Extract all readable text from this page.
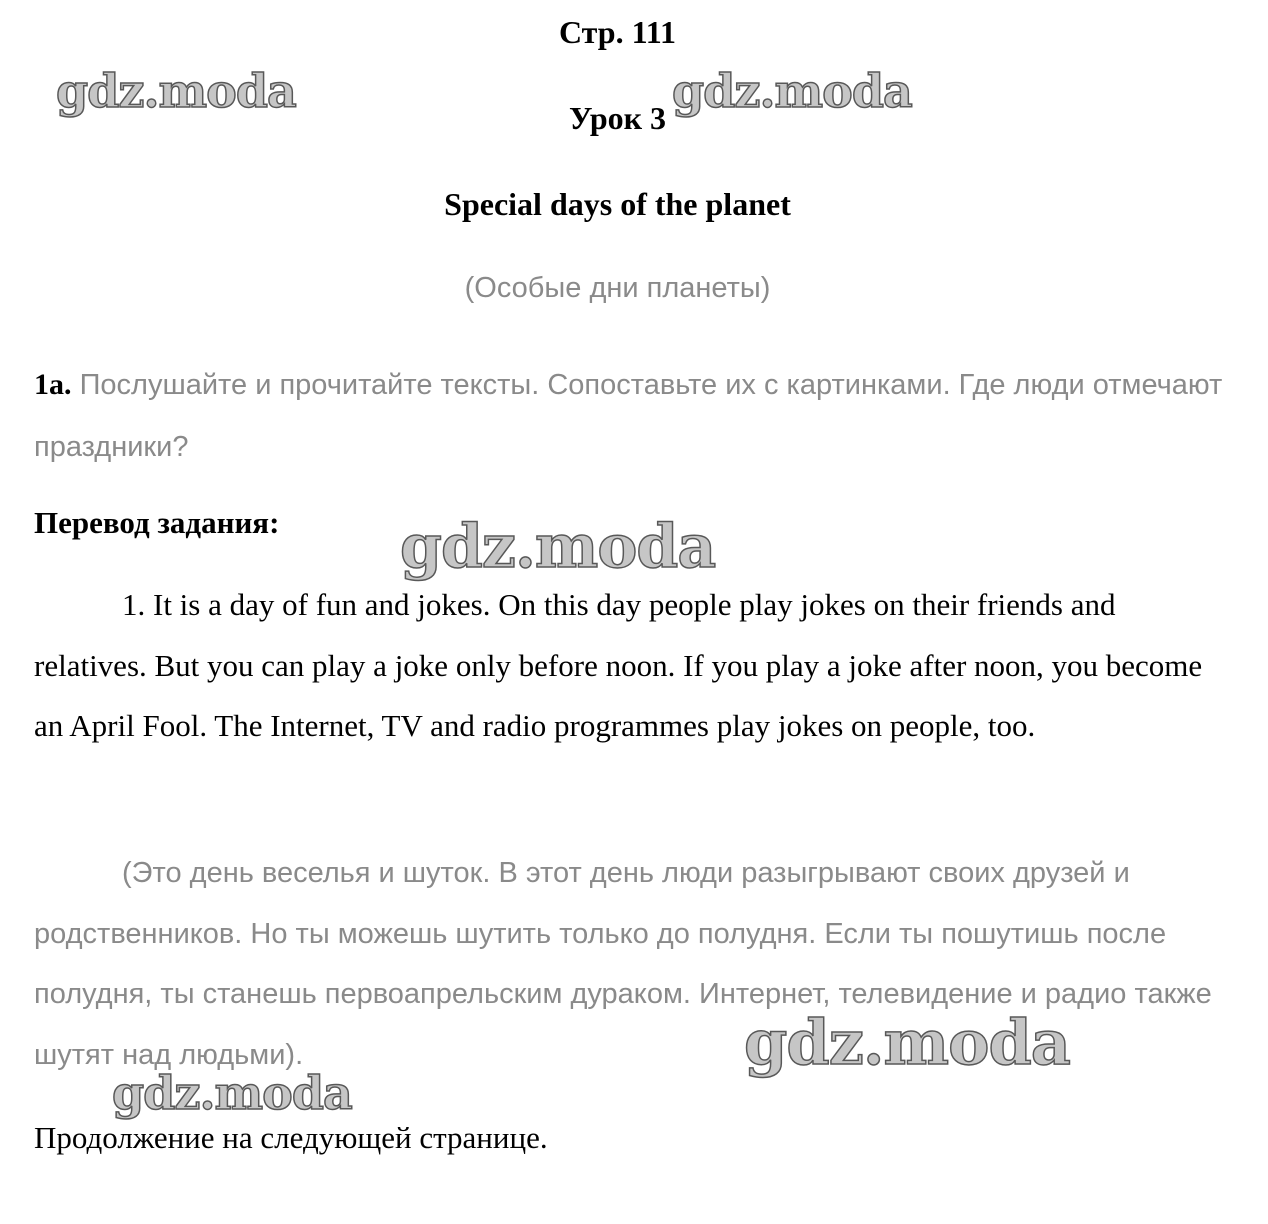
Стр. 111
Урок 3
Special days of the planet
(Особые дни планеты)
1a. Послушайте и прочитайте тексты. Сопоставьте их с картинками. Где люди отмечают праздники?
Перевод задания:
1. It is a day of fun and jokes. On this day people play jokes on their friends and relatives. But you can play a joke only before noon. If you play a joke after noon, you become an April Fool. The Internet, TV and radio programmes play jokes on people, too.
(Это день веселья и шуток. В этот день люди разыгрывают своих друзей и родственников. Но ты можешь шутить только до полудня. Если ты пошутишь после полудня, ты станешь первоапрельским дураком. Интернет, телевидение и радио также шутят над людьми).
Продолжение на следующей странице.
gdz.moda	gdz.moda
gdz.moda
gdz.moda
gdz.moda
